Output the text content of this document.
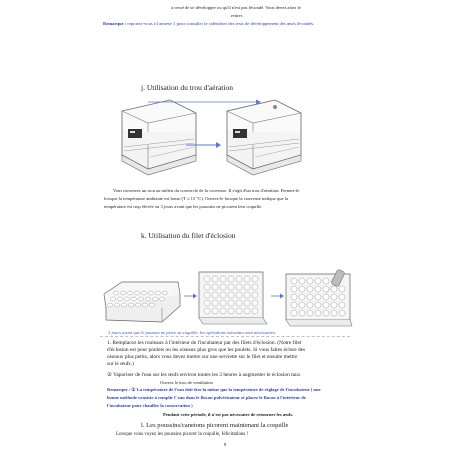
a cessé de se développer ou qu'il n'est pas fécondé. Vous devez alors le
retirer.
Remarque : reportez-vous à l'annexe 1 pour consulter le calendrier des tests de développement des œufs fécondés.
j. Utilisation du trou d'aération
Vous trouverez un trou au milieu du couvercle de la couveuse. Il s'agit d'un trou d'aération. Fermez-le
lorsque la température ambiante est basse (T ≤ 15 °C). Ouvrez-le lorsque la couveuse indique que la
température est trop élevée ou 3 jours avant que les poussins ne picorent leur coquille.
k. Utilisation du filet d'éclosion
3 jours avant que le poussin ne perce sa coquille, les opérations suivantes sont nécessaires.
1. Remplacez les rouleaux à l'intérieur de l'incubateur par des filets d'éclosion. (Notre filet
d'éclosion est pour poulets ou les oiseaux plus gros que les poulets. Si vous faites éclore des
oiseaux plus petits, alors vous devez mettre sur une serviette sur le filet et ensuite mettre
sur le œufs.)
② Vaporiser de l'eau sur les œufs environ toutes les 3 heures à augmenter le éclosion taux
Ouvrez le trou de ventilation
Remarque : ① La température de l'eau doit être la même que la température de réglage de l'incubateur ( une
bonne méthode consiste à remplir l' eau dans le flacon pulvérisateur et placez le flacon à l'intérieur de
l'incubateur pour chauffer la conservation )
Pendant cette période, il n'est pas nécessaire de retourner les œufs.
l. Les poussins/canetons picorent maintenant la coquille
Lorsque vous voyez les poussins picorer la coquille, félicitations !
8
